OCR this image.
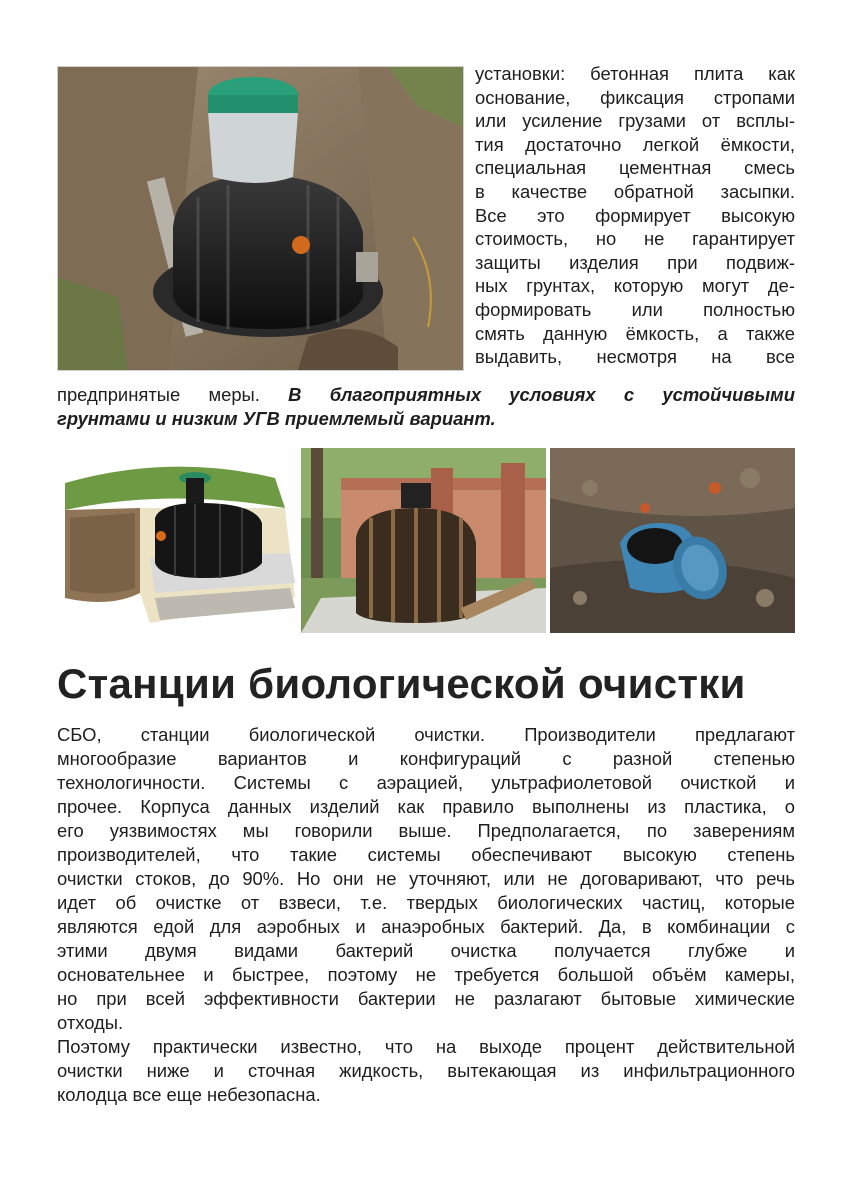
установки: бетонная плита как
основание, фиксация стропами
или усиление грузами от всплы-
тия достаточно легкой ёмкости,
специальная цементная смесь
в качестве обратной засыпки.
Все это формирует высокую
стоимость, но не гарантирует
защиты изделия при подвиж-
ных грунтах, которую могут де-
формировать или полностью
смять данную ёмкость, а также
выдавить, несмотря на все
предпринятые меры. В благоприятных условиях с устойчивыми
грунтами и низким УГВ приемлемый вариант.
Станции биологической очистки
СБО, станции биологической очистки. Производители предлагают
многообразие вариантов и конфигураций с разной степенью
технологичности. Системы с аэрацией, ультрафиолетовой очисткой и
прочее. Корпуса данных изделий как правило выполнены из пластика, о
его уязвимостях мы говорили выше. Предполагается, по заверениям
производителей, что такие системы обеспечивают высокую степень
очистки стоков, до 90%. Но они не уточняют, или не договаривают, что речь
идет об очистке от взвеси, т.е. твердых биологических частиц, которые
являются едой для аэробных и анаэробных бактерий. Да, в комбинации с
этими двумя видами бактерий очистка получается глубже и
основательнее и быстрее, поэтому не требуется большой объём камеры,
но при всей эффективности бактерии не разлагают бытовые химические
отходы.
Поэтому практически известно, что на выходе процент действительной
очистки ниже и сточная жидкость, вытекающая из инфильтрационного
колодца все еще небезопасна.
